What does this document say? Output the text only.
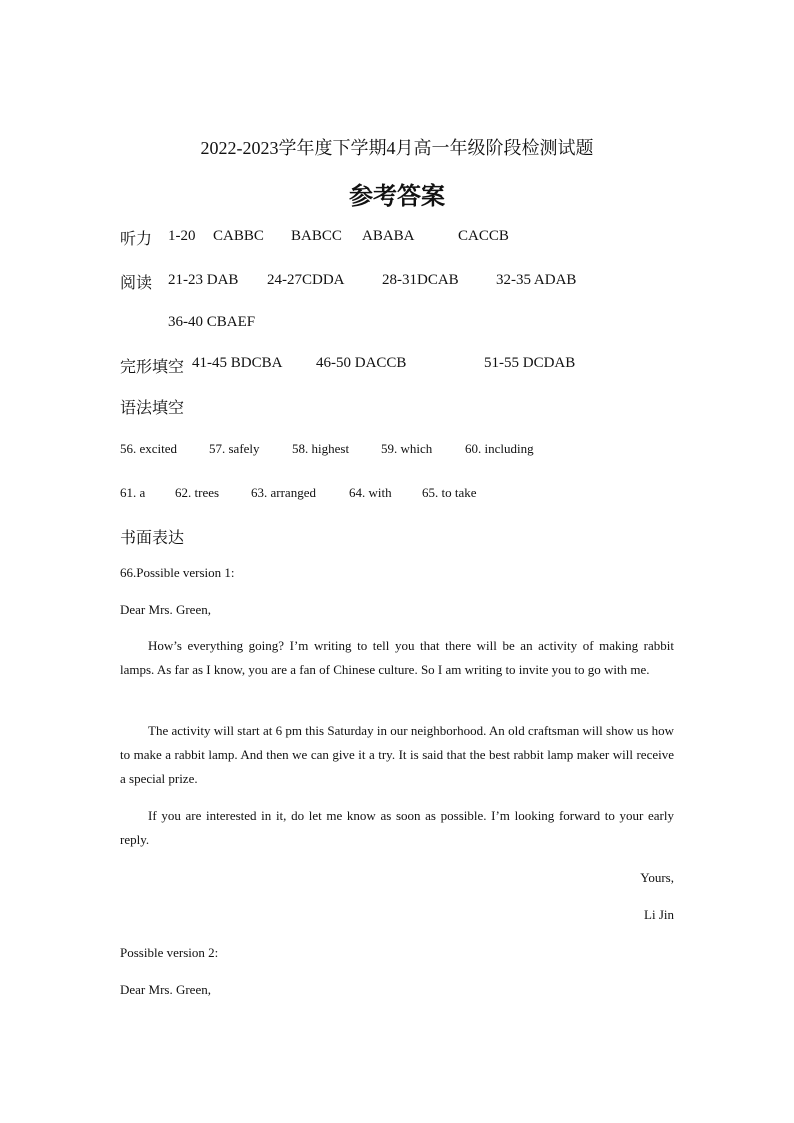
2022-2023学年度下学期4月高一年级阶段检测试题
参考答案
听力 1-20 CABBC BABCC ABABA	CACCB
阅读 21-23 DAB 24-27CDDA	28-31DCAB 32-35 ADAB
36-40 CBAEF
完形填空 41-45 BDCBA 46-50 DACCB	51-55 DCDAB
语法填空
56. excited 57. safely 58. highest 59. which	60. including
61. a 62. trees 63. arranged	64. with 65. to take
书面表达
66.Possible version 1:
Dear Mrs. Green,
How’s everything going? I’m writing to tell you that there will be an activity of making rabbit lamps. As far as I know, you are a fan of Chinese culture. So I am writing to invite you to go with me.
The activity will start at 6 pm this Saturday in our neighborhood. An old craftsman will show us how to make a rabbit lamp. And then we can give it a try. It is said that the best rabbit lamp maker will receive a special prize.
If you are interested in it, do let me know as soon as possible. I’m looking forward to your early reply.
Yours,
Li Jin
Possible version 2:
Dear Mrs. Green,
